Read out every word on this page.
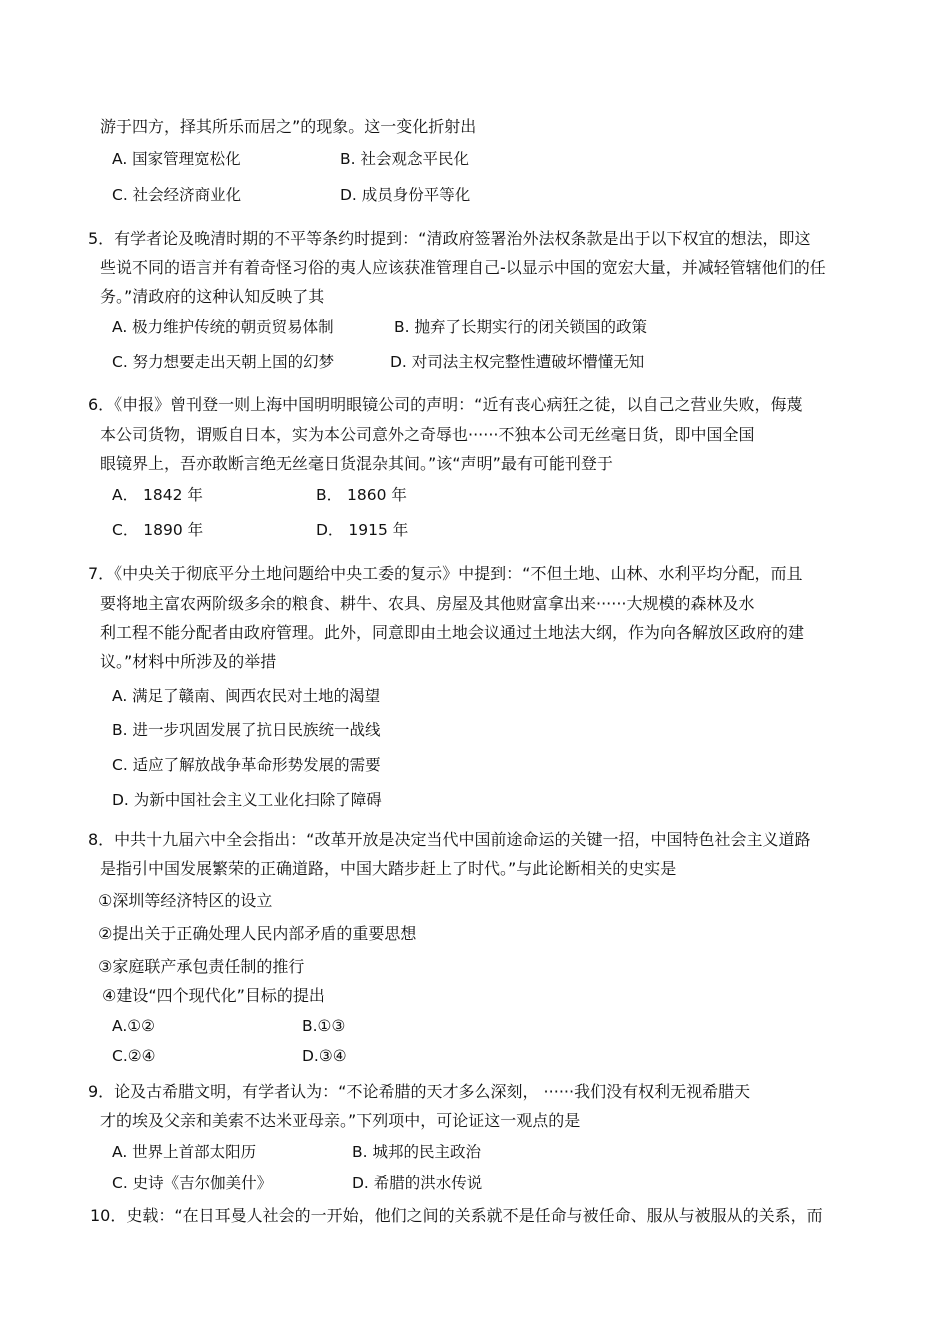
游于四方，择其所乐而居之”的现象。这一变化折射出
A. 国家管理宽松化	B. 社会观念平民化
C. 社会经济商业化	D. 成员身份平等化
5．有学者论及晚清时期的不平等条约时提到：“清政府签署治外法权条款是出于以下权宜的想法，即这
些说不同的语言并有着奇怪习俗的夷人应该获准管理自己-以显示中国的宽宏大量，并减轻管辖他们的任
务。”清政府的这种认知反映了其
A. 极力维护传统的朝贡贸易体制	B. 抛弃了长期实行的闭关锁国的政策
C. 努力想要走出天朝上国的幻梦	D. 对司法主权完整性遭破坏懵懂无知
6．《申报》曾刊登一则上海中国明明眼镜公司的声明：“近有丧心病狂之徒，以自己之营业失败，侮蔑
本公司货物，谓贩自日本，实为本公司意外之奇辱也······不独本公司无丝毫日货，即中国全国
眼镜界上，吾亦敢断言绝无丝毫日货混杂其间。”该“声明”最有可能刊登于
A． 1842 年	B． 1860 年
C． 1890 年	D． 1915 年
7．《中央关于彻底平分土地问题给中央工委的复示》中提到：“不但土地、山林、水利平均分配，而且
要将地主富农两阶级多余的粮食、耕牛、农具、房屋及其他财富拿出来······大规模的森林及水
利工程不能分配者由政府管理。此外，同意即由土地会议通过土地法大纲，作为向各解放区政府的建
议。”材料中所涉及的举措
A. 满足了赣南、闽西农民对土地的渴望
B. 进一步巩固发展了抗日民族统一战线
C. 适应了解放战争革命形势发展的需要
D. 为新中国社会主义工业化扫除了障碍
8．中共十九届六中全会指出：“改革开放是决定当代中国前途命运的关键一招，中国特色社会主义道路
是指引中国发展繁荣的正确道路，中国大踏步赶上了时代。”与此论断相关的史实是
①深圳等经济特区的设立
②提出关于正确处理人民内部矛盾的重要思想
③家庭联产承包责任制的推行
④建设“四个现代化”目标的提出
A.①②	B.①③
C.②④	D.③④
9．论及古希腊文明，有学者认为：“不论希腊的天才多么深刻， ······我们没有权利无视希腊天
才的埃及父亲和美索不达米亚母亲。”下列项中，可论证这一观点的是
A. 世界上首部太阳历	B. 城邦的民主政治
C. 史诗《吉尔伽美什》	D. 希腊的洪水传说
10．史载：“在日耳曼人社会的一开始，他们之间的关系就不是任命与被任命、服从与被服从的关系，而
